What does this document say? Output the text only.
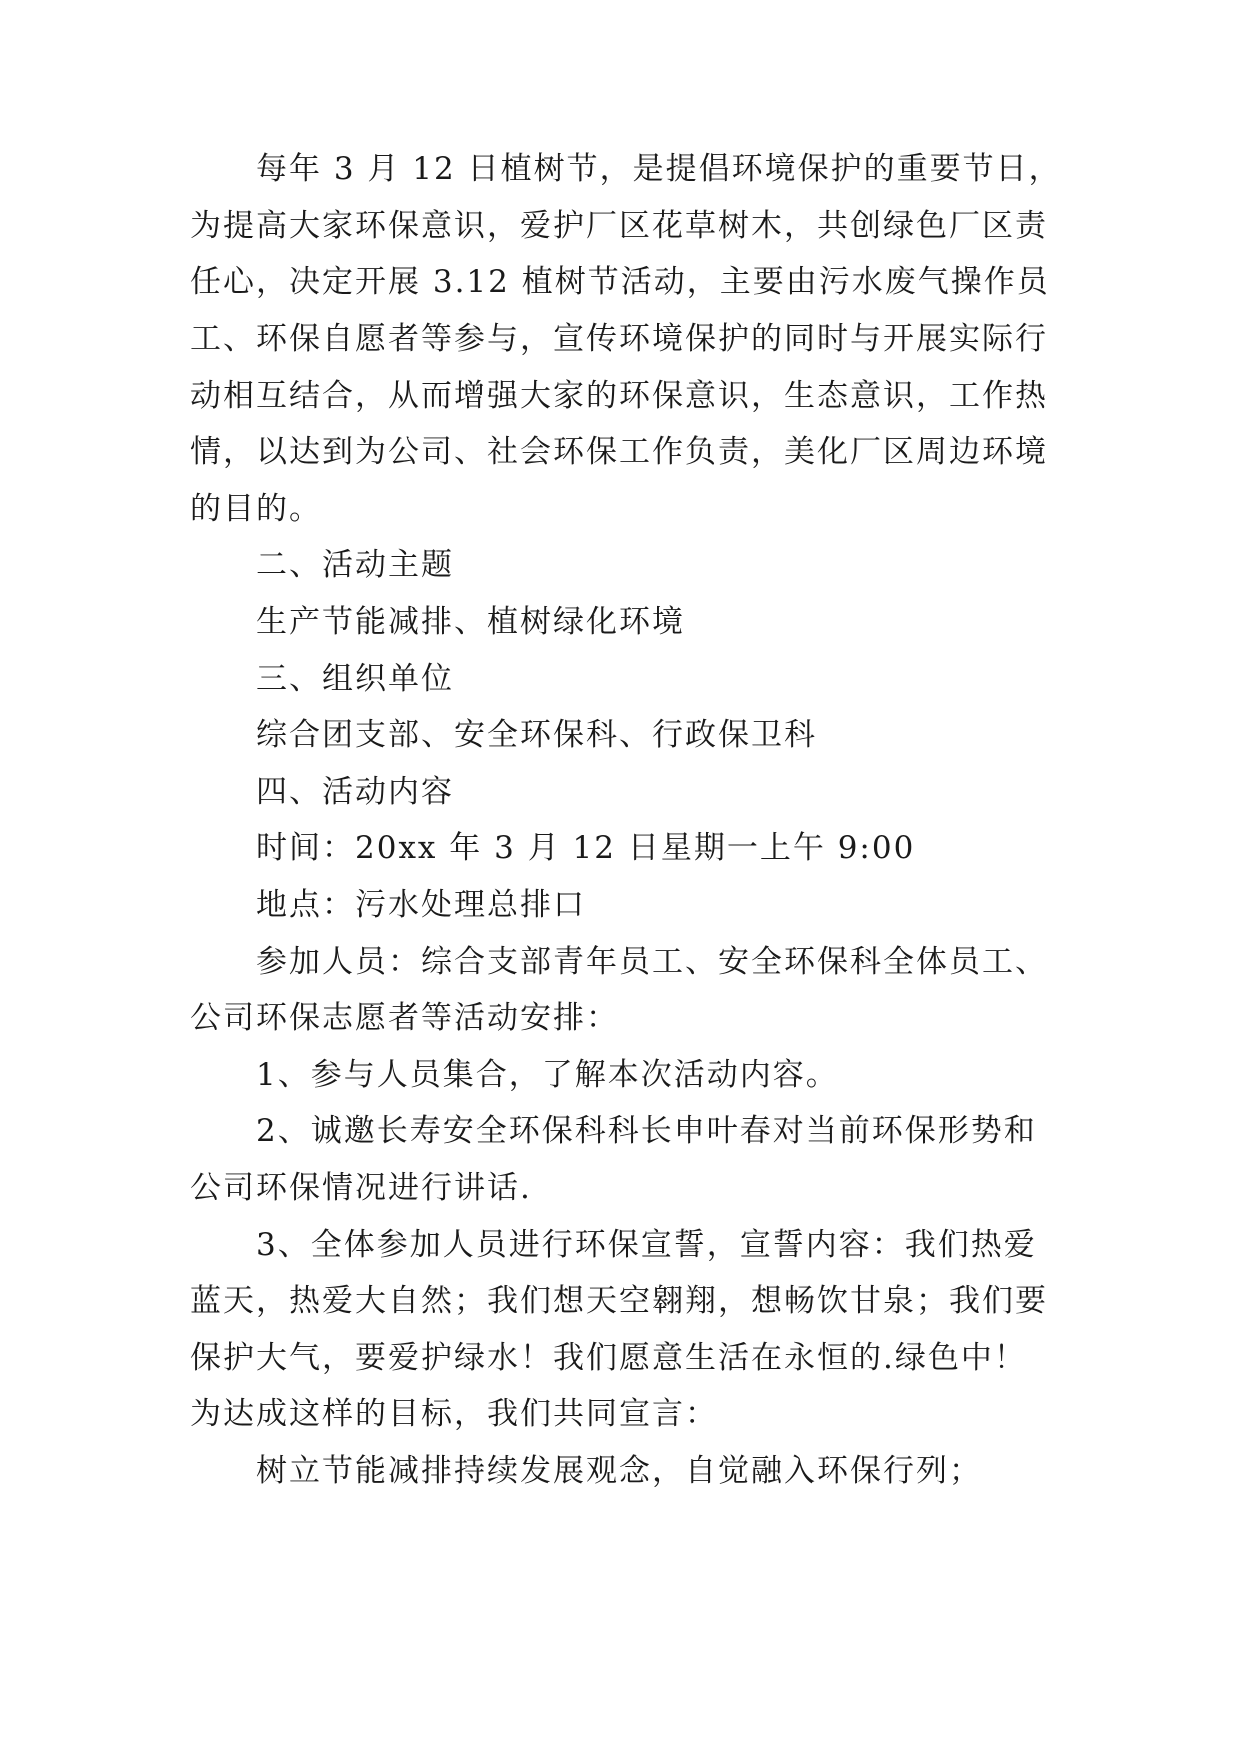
每年 3 月 12 日植树节，是提倡环境保护的重要节日，
为提高大家环保意识，爱护厂区花草树木，共创绿色厂区责
任心，决定开展 3.12 植树节活动，主要由污水废气操作员
工、环保自愿者等参与，宣传环境保护的同时与开展实际行
动相互结合，从而增强大家的环保意识，生态意识，工作热
情，以达到为公司、社会环保工作负责，美化厂区周边环境
的目的。
二、活动主题
生产节能减排、植树绿化环境
三、组织单位
综合团支部、安全环保科、行政保卫科
四、活动内容
时间：20xx 年 3 月 12 日星期一上午 9:00
地点：污水处理总排口
参加人员：综合支部青年员工、安全环保科全体员工、
公司环保志愿者等活动安排：
1、参与人员集合，了解本次活动内容。
2、诚邀长寿安全环保科科长申叶春对当前环保形势和
公司环保情况进行讲话.
3、全体参加人员进行环保宣誓，宣誓内容：我们热爱
蓝天，热爱大自然；我们想天空翱翔，想畅饮甘泉；我们要
保护大气，要爱护绿水！我们愿意生活在永恒的.绿色中！
为达成这样的目标，我们共同宣言：
树立节能减排持续发展观念，自觉融入环保行列；
